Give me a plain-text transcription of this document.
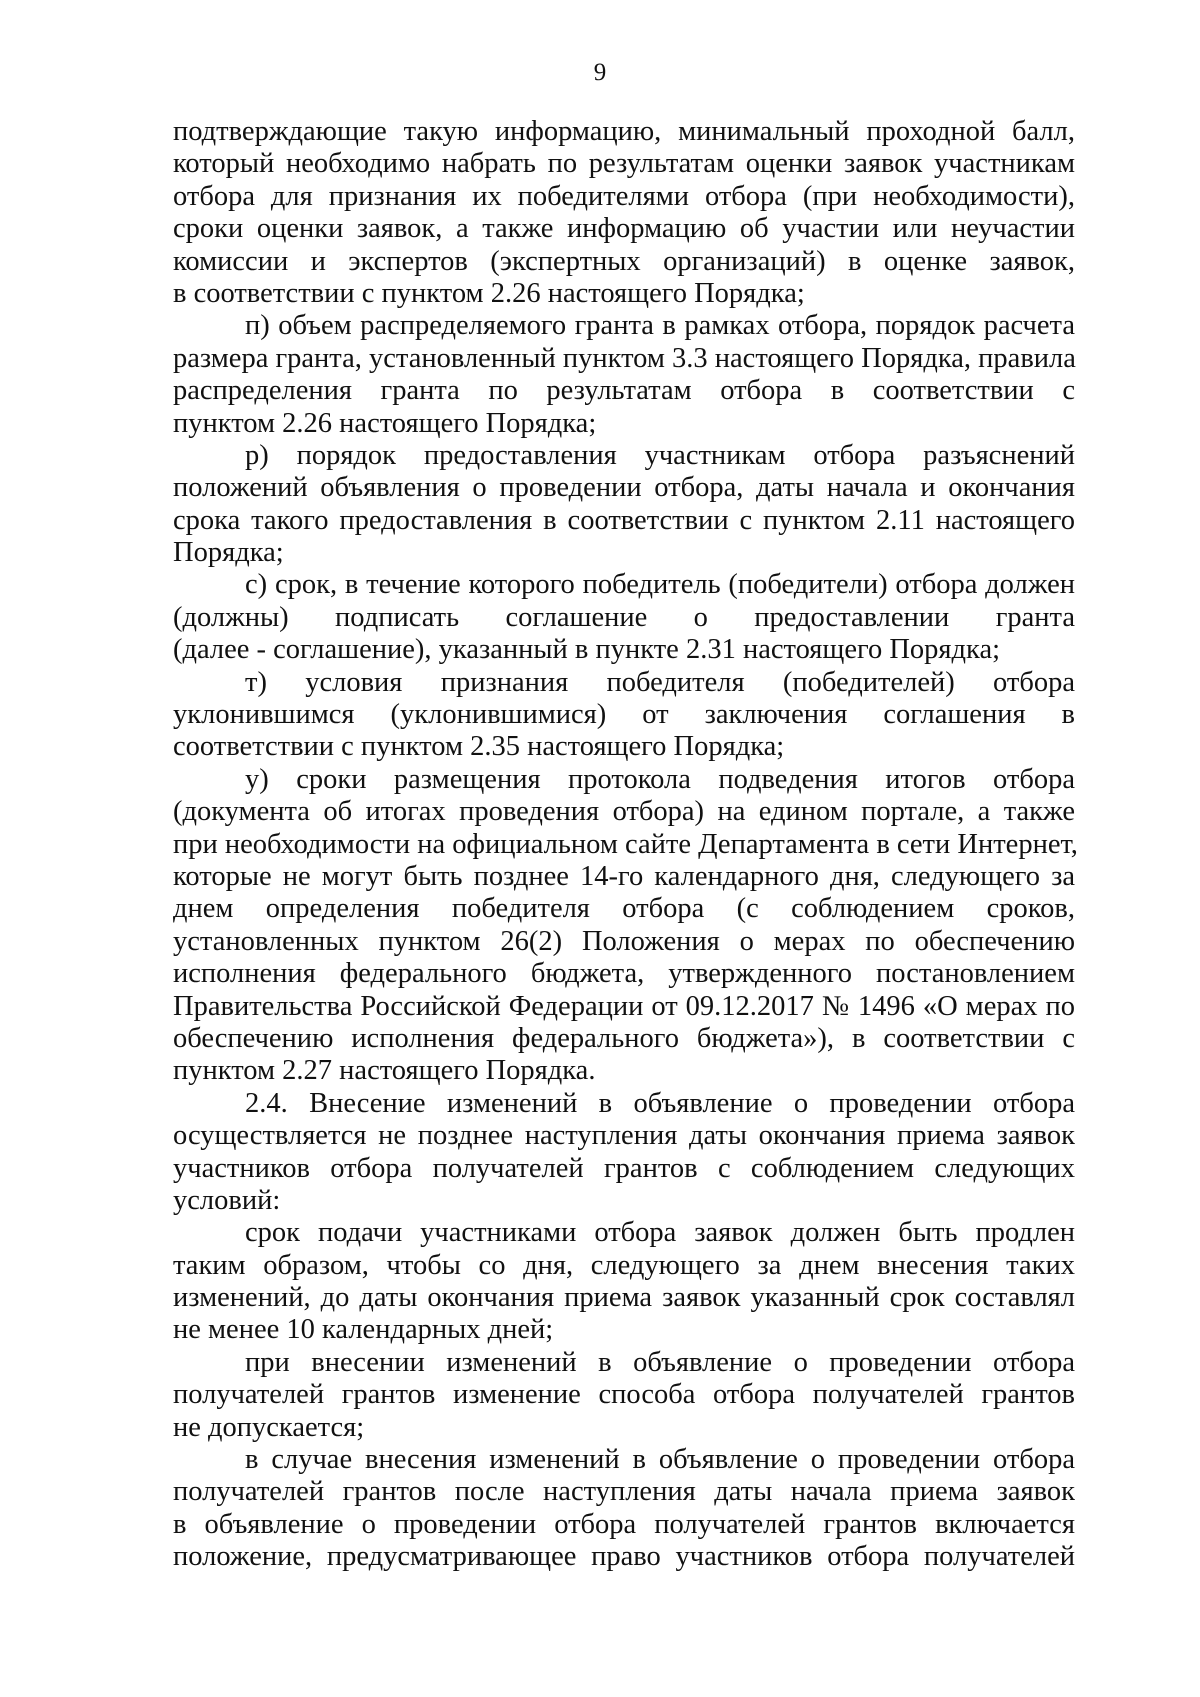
9
подтверждающие такую информацию, минимальный проходной балл,
который необходимо набрать по результатам оценки заявок участникам
отбора для признания их победителями отбора (при необходимости),
сроки оценки заявок, а также информацию об участии или неучастии
комиссии и экспертов (экспертных организаций) в оценке заявок,
в соответствии с пунктом 2.26 настоящего Порядка;
п) объем распределяемого гранта в рамках отбора, порядок расчета
размера гранта, установленный пунктом 3.3 настоящего Порядка, правила
распределения гранта по результатам отбора в соответствии с
пунктом 2.26 настоящего Порядка;
р) порядок предоставления участникам отбора разъяснений
положений объявления о проведении отбора, даты начала и окончания
срока такого предоставления в соответствии с пунктом 2.11 настоящего
Порядка;
с) срок, в течение которого победитель (победители) отбора должен
(должны) подписать соглашение о предоставлении гранта
(далее - соглашение), указанный в пункте 2.31 настоящего Порядка;
т) условия признания победителя (победителей) отбора
уклонившимся (уклонившимися) от заключения соглашения в
соответствии с пунктом 2.35 настоящего Порядка;
у) сроки размещения протокола подведения итогов отбора
(документа об итогах проведения отбора) на едином портале, а также
при необходимости на официальном сайте Департамента в сети Интернет,
которые не могут быть позднее 14-го календарного дня, следующего за
днем определения победителя отбора (с соблюдением сроков,
установленных пунктом 26(2) Положения о мерах по обеспечению
исполнения федерального бюджета, утвержденного постановлением
Правительства Российской Федерации от 09.12.2017 № 1496 «О мерах по
обеспечению исполнения федерального бюджета»), в соответствии с
пунктом 2.27 настоящего Порядка.
2.4. Внесение изменений в объявление о проведении отбора
осуществляется не позднее наступления даты окончания приема заявок
участников отбора получателей грантов с соблюдением следующих
условий:
срок подачи участниками отбора заявок должен быть продлен
таким образом, чтобы со дня, следующего за днем внесения таких
изменений, до даты окончания приема заявок указанный срок составлял
не менее 10 календарных дней;
при внесении изменений в объявление о проведении отбора
получателей грантов изменение способа отбора получателей грантов
не допускается;
в случае внесения изменений в объявление о проведении отбора
получателей грантов после наступления даты начала приема заявок
в объявление о проведении отбора получателей грантов включается
положение, предусматривающее право участников отбора получателей
